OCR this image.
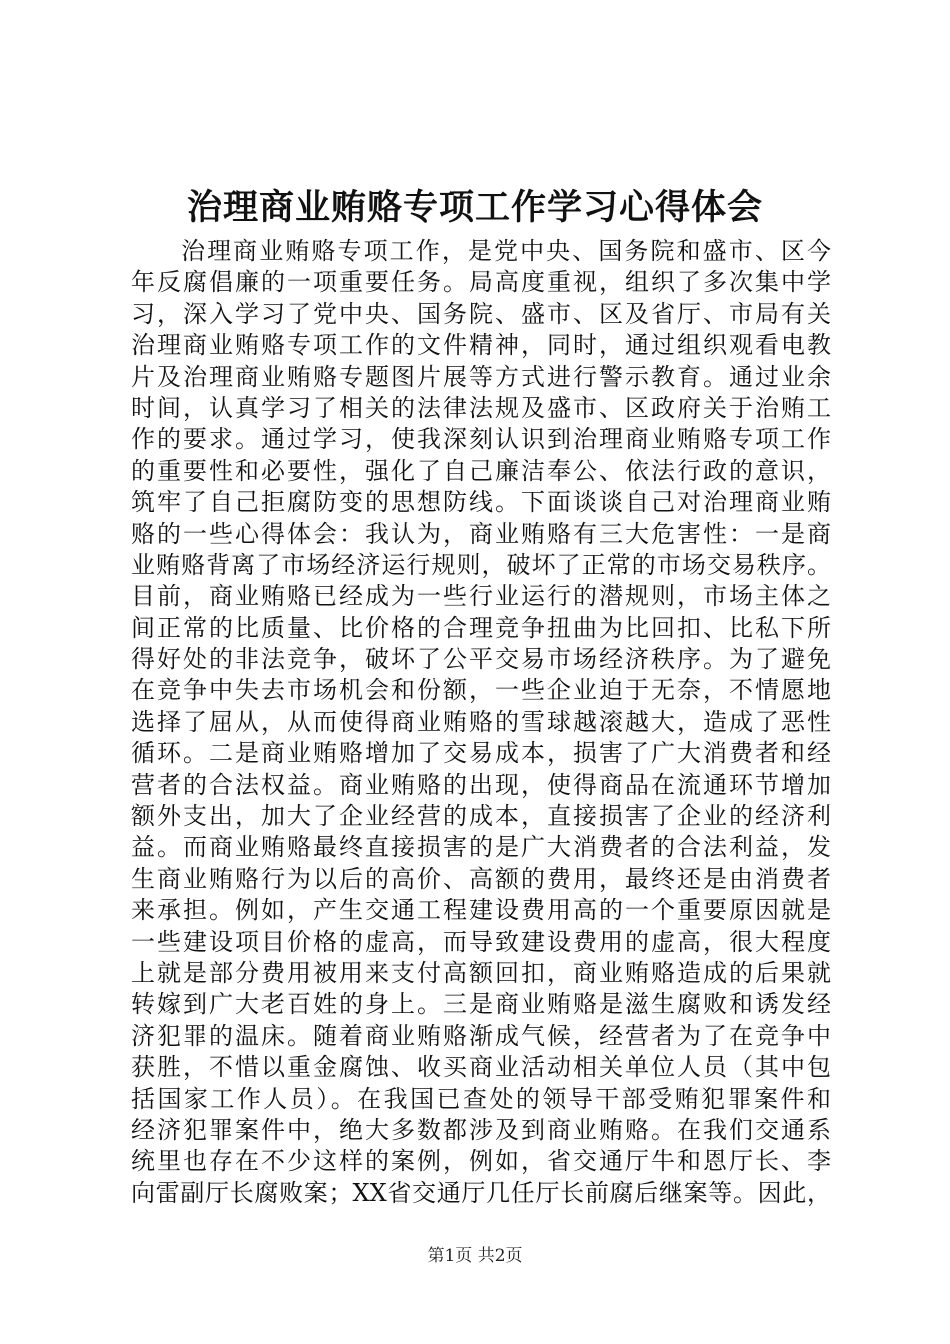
治理商业贿赂专项工作学习心得体会
治理商业贿赂专项工作，是党中央、国务院和盛市、区今
年反腐倡廉的一项重要任务。局高度重视，组织了多次集中学
习，深入学习了党中央、国务院、盛市、区及省厅、市局有关
治理商业贿赂专项工作的文件精神，同时，通过组织观看电教
片及治理商业贿赂专题图片展等方式进行警示教育。通过业余
时间，认真学习了相关的法律法规及盛市、区政府关于治贿工
作的要求。通过学习，使我深刻认识到治理商业贿赂专项工作
的重要性和必要性，强化了自己廉洁奉公、依法行政的意识，
筑牢了自己拒腐防变的思想防线。下面谈谈自己对治理商业贿
赂的一些心得体会：我认为，商业贿赂有三大危害性：一是商
业贿赂背离了市场经济运行规则，破坏了正常的市场交易秩序。
目前，商业贿赂已经成为一些行业运行的潜规则，市场主体之
间正常的比质量、比价格的合理竞争扭曲为比回扣、比私下所
得好处的非法竞争，破坏了公平交易市场经济秩序。为了避免
在竞争中失去市场机会和份额，一些企业迫于无奈，不情愿地
选择了屈从，从而使得商业贿赂的雪球越滚越大，造成了恶性
循环。二是商业贿赂增加了交易成本，损害了广大消费者和经
营者的合法权益。商业贿赂的出现，使得商品在流通环节增加
额外支出，加大了企业经营的成本，直接损害了企业的经济利
益。而商业贿赂最终直接损害的是广大消费者的合法利益，发
生商业贿赂行为以后的高价、高额的费用，最终还是由消费者
来承担。例如，产生交通工程建设费用高的一个重要原因就是
一些建设项目价格的虚高，而导致建设费用的虚高，很大程度
上就是部分费用被用来支付高额回扣，商业贿赂造成的后果就
转嫁到广大老百姓的身上。三是商业贿赂是滋生腐败和诱发经
济犯罪的温床。随着商业贿赂渐成气候，经营者为了在竞争中
获胜，不惜以重金腐蚀、收买商业活动相关单位人员（其中包
括国家工作人员）。在我国已查处的领导干部受贿犯罪案件和
经济犯罪案件中，绝大多数都涉及到商业贿赂。在我们交通系
统里也存在不少这样的案例，例如，省交通厅牛和恩厅长、李
向雷副厅长腐败案；XX省交通厅几任厅长前腐后继案等。因此，
第1页 共2页
